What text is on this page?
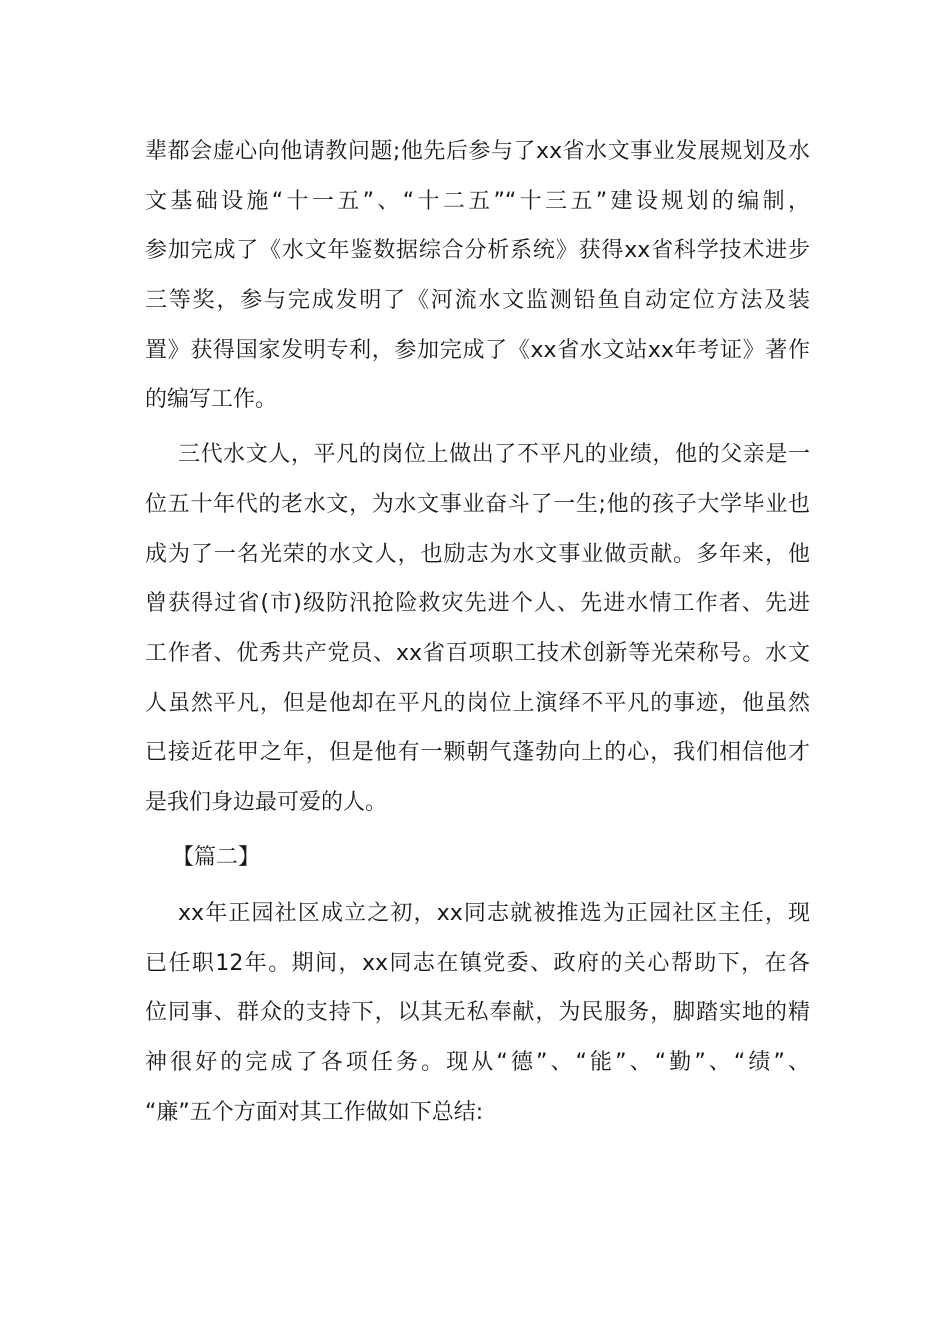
辈都会虚心向他请教问题;他先后参与了xx省水文事业发展规划及水
文基础设施“十一五”、“十二五”“十三五”建设规划的编制，
参加完成了《水文年鉴数据综合分析系统》获得xx省科学技术进步
三等奖，参与完成发明了《河流水文监测铅鱼自动定位方法及装
置》获得国家发明专利，参加完成了《xx省水文站xx年考证》著作
的编写工作。
三代水文人，平凡的岗位上做出了不平凡的业绩，他的父亲是一
位五十年代的老水文，为水文事业奋斗了一生;他的孩子大学毕业也
成为了一名光荣的水文人，也励志为水文事业做贡献。多年来，他
曾获得过省(市)级防汛抢险救灾先进个人、先进水情工作者、先进
工作者、优秀共产党员、xx省百项职工技术创新等光荣称号。水文
人虽然平凡，但是他却在平凡的岗位上演绎不平凡的事迹，他虽然
已接近花甲之年，但是他有一颗朝气蓬勃向上的心，我们相信他才
是我们身边最可爱的人。
【篇二】
xx年正园社区成立之初，xx同志就被推选为正园社区主任，现
已任职12年。期间，xx同志在镇党委、政府的关心帮助下，在各
位同事、群众的支持下，以其无私奉献，为民服务，脚踏实地的精
神很好的完成了各项任务。现从“德”、“能”、“勤”、“绩”、
“廉”五个方面对其工作做如下总结:
